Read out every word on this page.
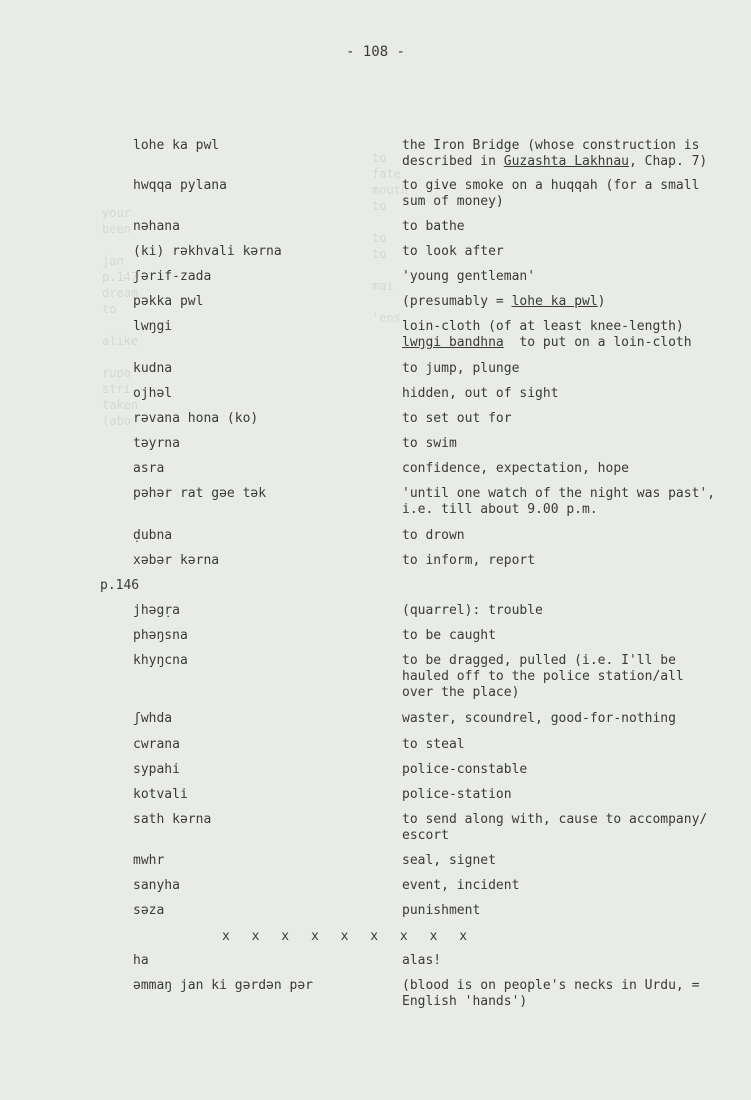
to
fate
mouth
to

to
to

mai

'ens
your
been

jan
p.147
dream
to

alike

rupa
stri
taken
(abo
- 108 -
lohe ka pwl	the Iron Bridge (whose construction is
described in Guzashta Lakhnau, Chap. 7)
hwqqa pylana	to give smoke on a huqqah (for a small
sum of money)
nəhana	to bathe
(ki) rəkhvali kərna	to look after
ʃərif-zada	'young gentleman'
pəkka pwl	(presumably = lohe ka pwl)
lwŋgi	loin-cloth (of at least knee-length)
lwŋgi bandhna  to put on a loin-cloth
kudna	to jump, plunge
ojhəl	hidden, out of sight
rəvana hona (ko)	to set out for
təyrna	to swim
asra	confidence, expectation, hope
pəhər rat gəe tək	'until one watch of the night was past',
i.e. till about 9.00 p.m.
ḍubna	to drown
xəbər kərna	to inform, report
p.146
jhəgṛa	(quarrel): trouble
phəŋsna	to be caught
khyŋcna	to be dragged, pulled (i.e. I'll be
hauled off to the police station/all
over the place)
ʃwhda	waster, scoundrel, good-for-nothing
cwrana	to steal
sypahi	police-constable
kotvali	police-station
sath kərna	to send along with, cause to accompany/
escort
mwhr	seal, signet
sanyha	event, incident
səza	punishment
x x x x x x x x x
ha	alas!
əmmaŋ jan ki gərdən pər	(blood is on people's necks in Urdu, =
English 'hands')
